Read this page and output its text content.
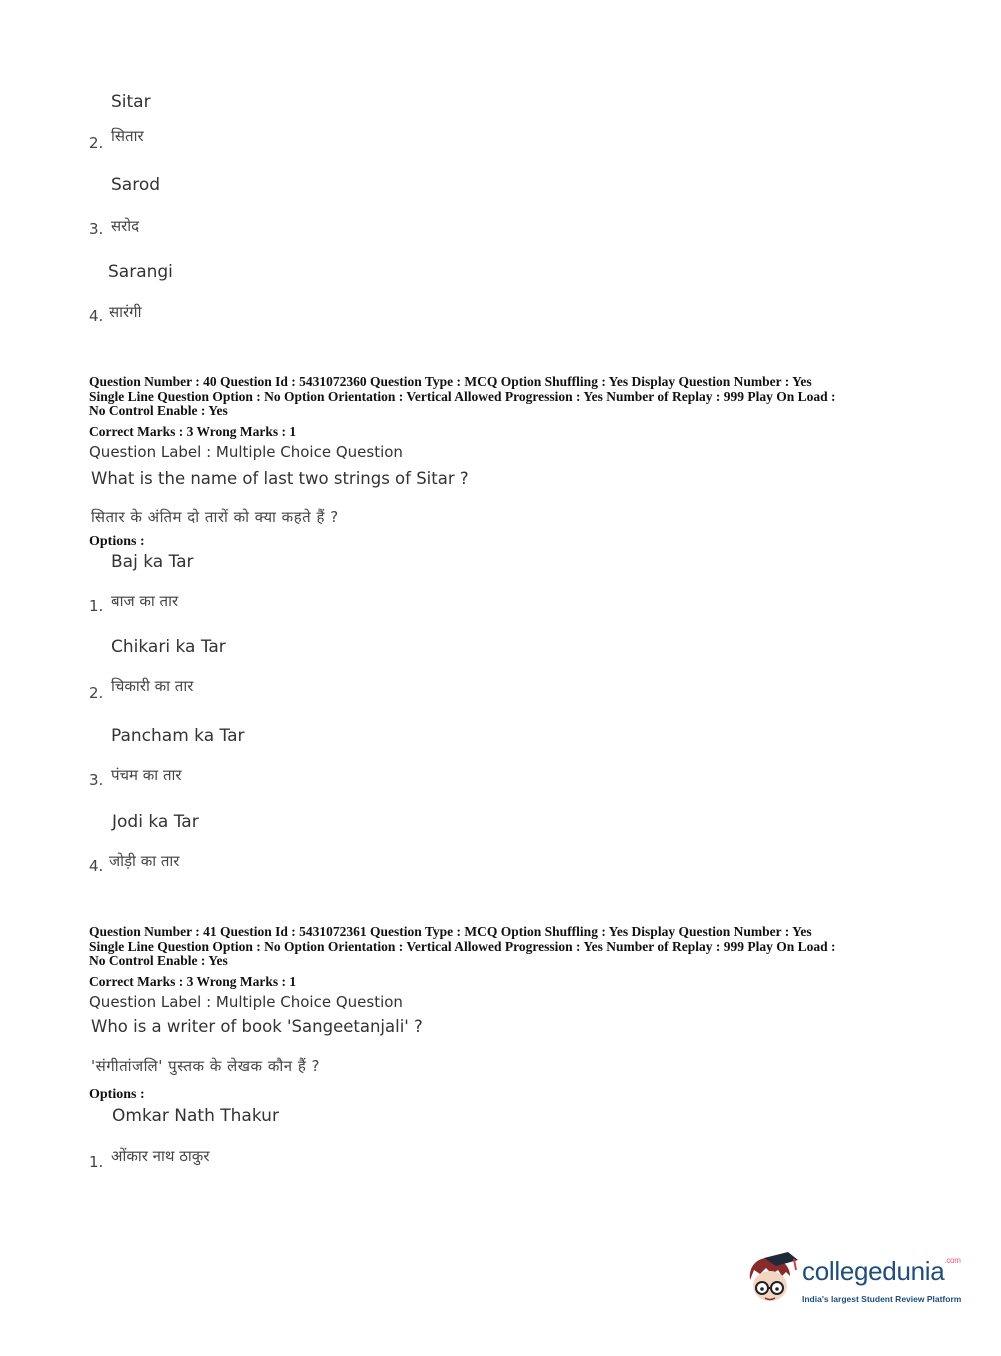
Sitar
2. सितार
Sarod
3. सरोद
Sarangi
4. सारंगी
Question Number : 40 Question Id : 5431072360 Question Type : MCQ Option Shuffling : Yes Display Question Number : Yes
Single Line Question Option : No Option Orientation : Vertical Allowed Progression : Yes Number of Replay : 999 Play On Load :
No Control Enable : Yes
Correct Marks : 3 Wrong Marks : 1
Question Label : Multiple Choice Question
What is the name of last two strings of Sitar ?
सितार के अंतिम दो तारों को क्या कहते हैं ?
Options :
Baj ka Tar
1. बाज का तार
Chikari ka Tar
2. चिकारी का तार
Pancham ka Tar
3. पंचम का तार
Jodi ka Tar
4. जोड़ी का तार
Question Number : 41 Question Id : 5431072361 Question Type : MCQ Option Shuffling : Yes Display Question Number : Yes
Single Line Question Option : No Option Orientation : Vertical Allowed Progression : Yes Number of Replay : 999 Play On Load :
No Control Enable : Yes
Correct Marks : 3 Wrong Marks : 1
Question Label : Multiple Choice Question
Who is a writer of book 'Sangeetanjali' ?
'संगीतांजलि' पुस्तक के लेखक कौन हैं ?
Options :
Omkar Nath Thakur
1. ओंकार नाथ ठाकुर
collegedunia$^{.com}$
India's largest Student Review Platform
